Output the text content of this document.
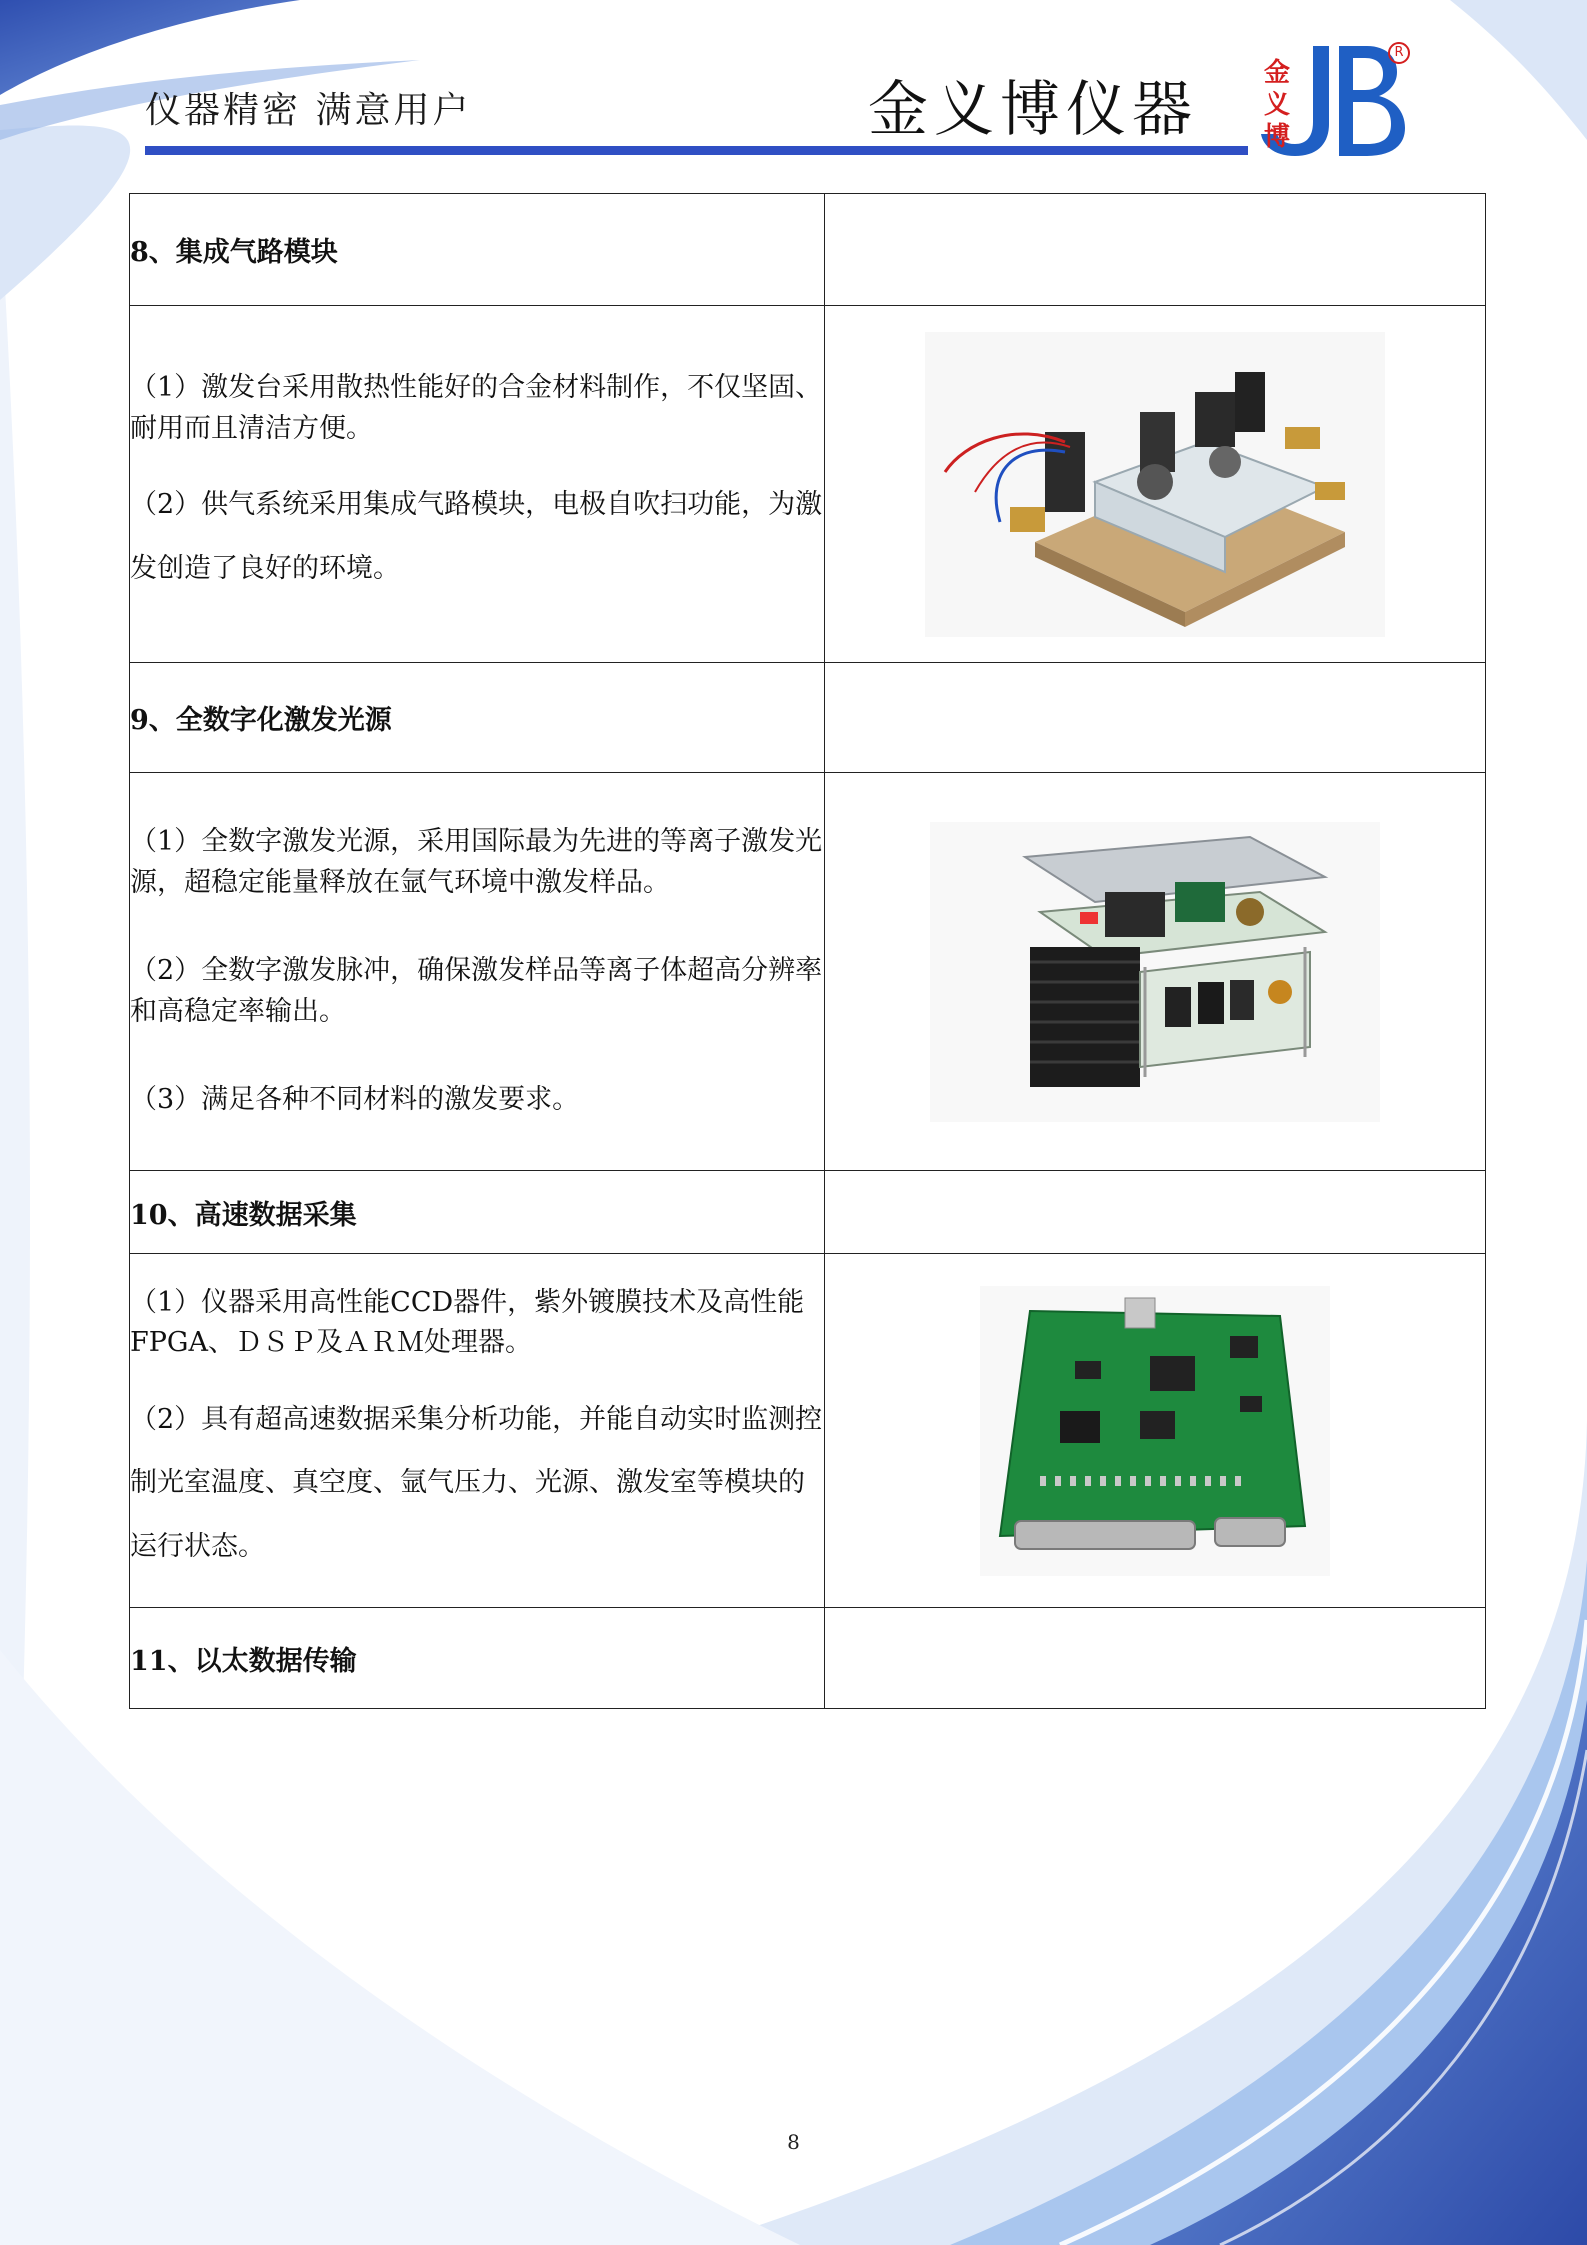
仪器精密 满意用户	金义博仪器
金
义
博
R
8、集成气路模块	

（1）激发台采用散热性能好的合金材料制作，不仅坚固、耐用而且清洁方便。

（2）供气系统采用集成气路模块，电极自吹扫功能，为激发创造了良好的环境。

9、全数字化激发光源	

（1）全数字激发光源，采用国际最为先进的等离子激发光源，超稳定能量释放在氩气环境中激发样品。

（2）全数字激发脉冲，确保激发样品等离子体超高分辨率和高稳定率输出。

（3）满足各种不同材料的激发要求。

10、高速数据采集	

（1）仪器采用高性能CCD器件，紫外镀膜技术及高性能FPGA、ＤＳＰ及ＡＲＭ处理器。

（2）具有超高速数据采集分析功能，并能自动实时监测控制光室温度、真空度、氩气压力、光源、激发室等模块的运行状态。

11、以太数据传输	
8
